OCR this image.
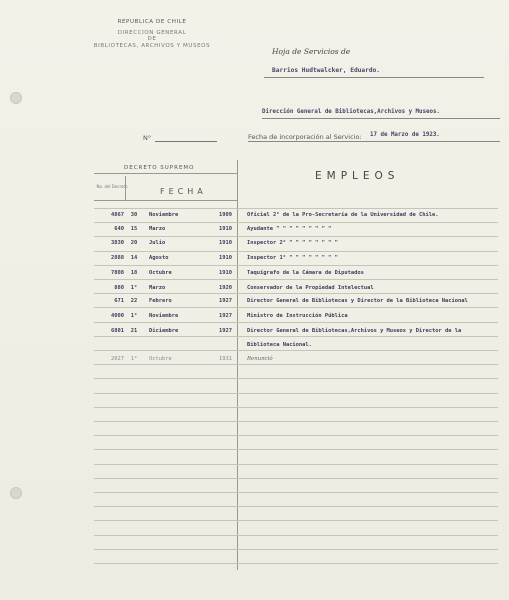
REPUBLICA DE CHILE
DIRECCION GENERAL
DE
BIBLIOTECAS, ARCHIVOS Y MUSEOS
Hoja de Servicios de
Barrios Hudtwalcker, Eduardo.
Dirección General de Bibliotecas,Archivos y Museos.
N°	Fecha de incorporación al Servicio: 17 de Marzo de 1923.
DECRETO SUPREMO
No. del Decreto
FECHA
EMPLEOS
4867	30	Noviembre	1909	Oficial 2° de la Pro-Secretaría de la Universidad de Chile.
640	15	Marzo	1910	Ayudante " " " " " " " " "
3830	20	Julio	1910	Inspector 2° " " " " " " " "
2888	14	Agosto	1910	Inspector 1° " " " " " " " "
7808	18	Octubre	1910	Taquígrafo de la Cámara de Diputados
880	1°	Marzo	1920	Conservador de la Propiedad Intelectual
671	22	Febrero	1927	Director General de Bibliotecas y Director de la Biblioteca Nacional
4000	1°	Noviembre	1927	Ministro de Instrucción Pública
6801	21	Diciembre	1927	Director General de Bibliotecas,Archivos y Museos y Director de la
Biblioteca Nacional.
2027	1°	Octubre	1931	Renunció
